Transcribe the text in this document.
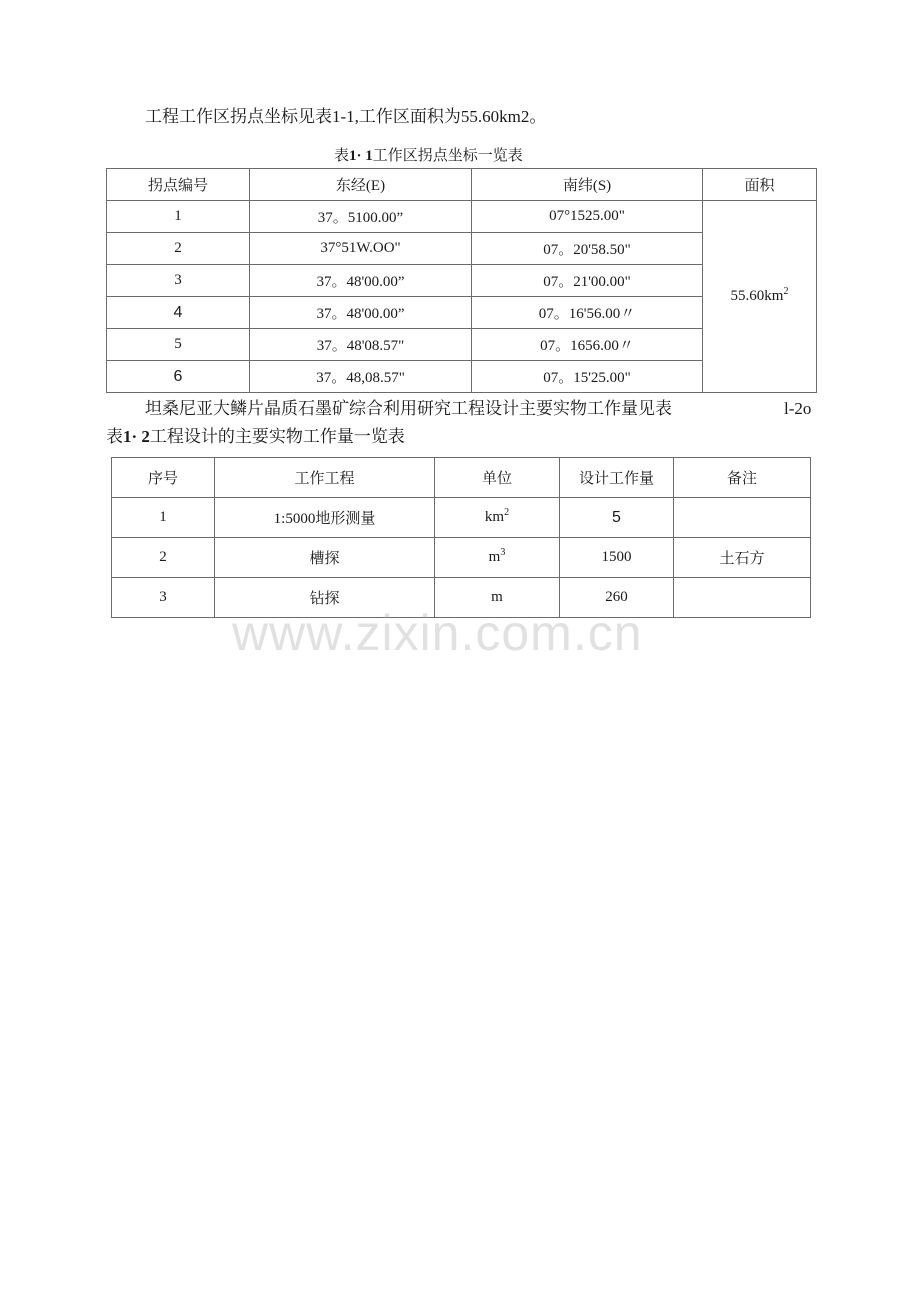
工程工作区拐点坐标见表1-1,工作区面积为55.60km2。
表1· 1工作区拐点坐标一览表
拐点编号	东经(E)	南纬(S)	面积
1	37。5100.00”	07°1525.00"	$55.60km^2$
2	37°51W.OO"	07。20'58.50"	
3	37。48'00.00”	07。21'00.00"	
4	37。48'00.00”	07。16'56.00〃	
5	37。48'08.57"	07。1656.00〃	
6	37。48,08.57"	07。15'25.00"	
坦桑尼亚大鳞片晶质石墨矿综合利用研究工程设计主要实物工作量见表	l-2o
表1· 2工程设计的主要实物工作量一览表
序号	工作工程	单位	设计工作量	备注
1	1:5000地形测量	$km^2$	5	
2	槽探	$m^3$	1500	土石方
3	钻探	m	260	
www.zixin.com.cn
